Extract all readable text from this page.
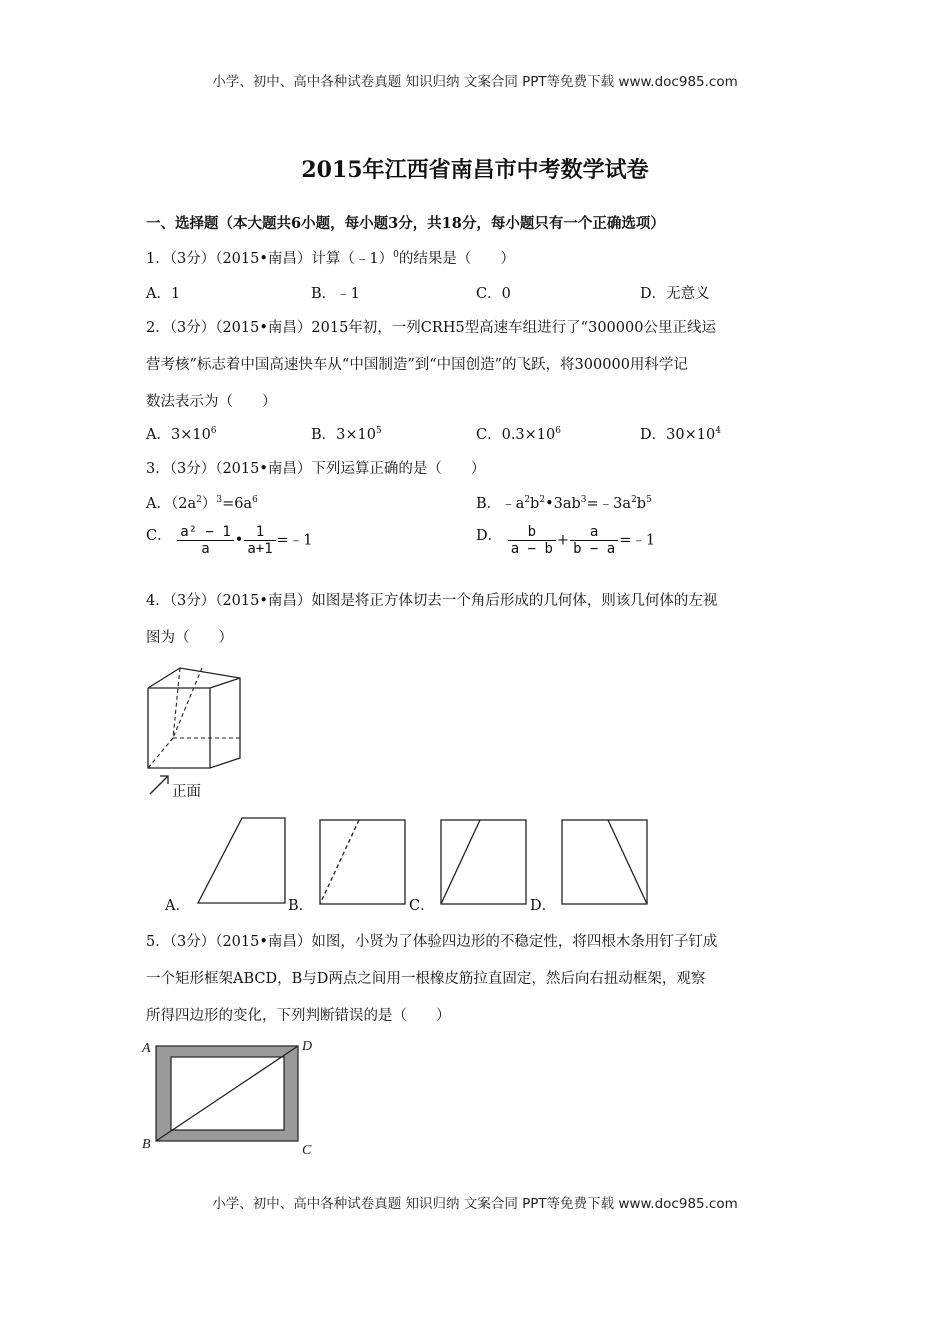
小学、初中、高中各种试卷真题 知识归纳 文案合同 PPT等免费下载 www.doc985.com
2015年江西省南昌市中考数学试卷
一、选择题（本大题共6小题，每小题3分，共18分，每小题只有一个正确选项）
1．（3分）（2015•南昌）计算（﹣1）$^0$的结果是（　　）
A．1	B．﹣1	C．0	D．无意义
2．（3分）（2015•南昌）2015年初，一列CRH5型高速车组进行了“300000公里正线运
营考核”标志着中国高速快车从“中国制造”到“中国创造”的飞跃，将300000用科学记
数法表示为（　　）
A．$3\times 10^6$	B．$3\times 10^5$	C．$0.3\times 10^6$	D．$30\times 10^4$
3．（3分）（2015•南昌）下列运算正确的是（　　）
A．$(2a^2)^3=6a^6$	B．$﹣a^2b^2•3ab^3=﹣3a^2b^5$
C． $\frac{\text{a² − 1}}{a}$ • $\frac{1}{a+1}$ =﹣1	D． $\frac{b}{a - b} + \frac{a}{b - a}$ =﹣1
4．（3分）（2015•南昌）如图是将正方体切去一个角后形成的几何体，则该几何体的左视
图为（　　）
正面
A．	B．	C．	D．
5．（3分）（2015•南昌）如图，小贤为了体验四边形的不稳定性，将四根木条用钉子钉成
一个矩形框架ABCD，B与D两点之间用一根橡皮筋拉直固定，然后向右扭动框架，观察
所得四边形的变化，下列判断错误的是（　　）
A
B	C
D
小学、初中、高中各种试卷真题 知识归纳 文案合同 PPT等免费下载 www.doc985.com
